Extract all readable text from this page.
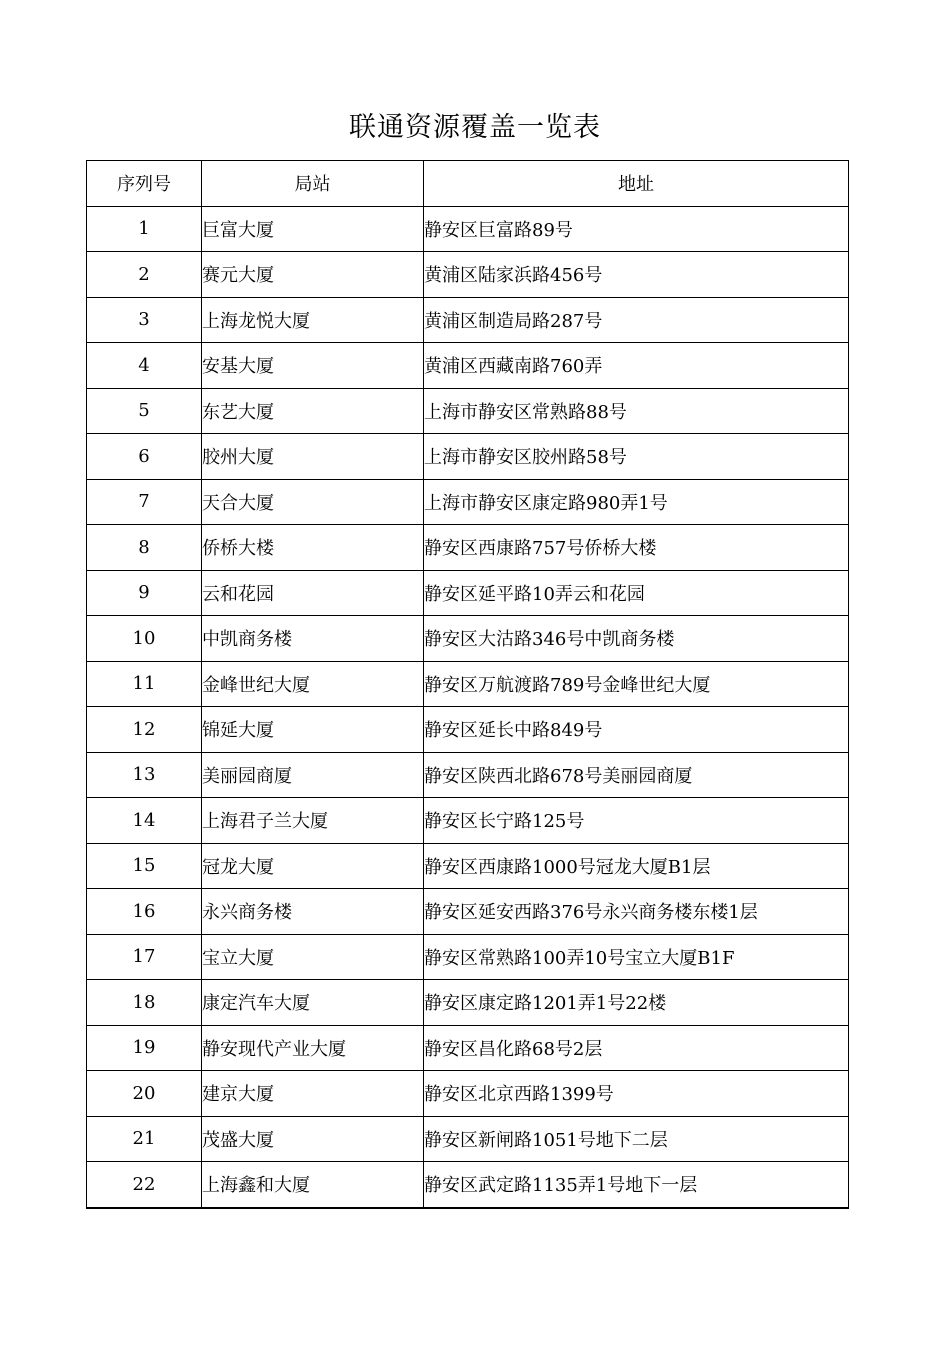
联通资源覆盖一览表
序列号	局站	地址
1	巨富大厦	静安区巨富路89号
2	赛元大厦	黄浦区陆家浜路456号
3	上海龙悦大厦	黄浦区制造局路287号
4	安基大厦	黄浦区西藏南路760弄
5	东艺大厦	上海市静安区常熟路88号
6	胶州大厦	上海市静安区胶州路58号
7	天合大厦	上海市静安区康定路980弄1号
8	侨桥大楼	静安区西康路757号侨桥大楼
9	云和花园	静安区延平路10弄云和花园
10	中凯商务楼	静安区大沽路346号中凯商务楼
11	金峰世纪大厦	静安区万航渡路789号金峰世纪大厦
12	锦延大厦	静安区延长中路849号
13	美丽园商厦	静安区陕西北路678号美丽园商厦
14	上海君子兰大厦	静安区长宁路125号
15	冠龙大厦	静安区西康路1000号冠龙大厦B1层
16	永兴商务楼	静安区延安西路376号永兴商务楼东楼1层
17	宝立大厦	静安区常熟路100弄10号宝立大厦B1F
18	康定汽车大厦	静安区康定路1201弄1号22楼
19	静安现代产业大厦	静安区昌化路68号2层
20	建京大厦	静安区北京西路1399号
21	茂盛大厦	静安区新闸路1051号地下二层
22	上海鑫和大厦	静安区武定路1135弄1号地下一层
